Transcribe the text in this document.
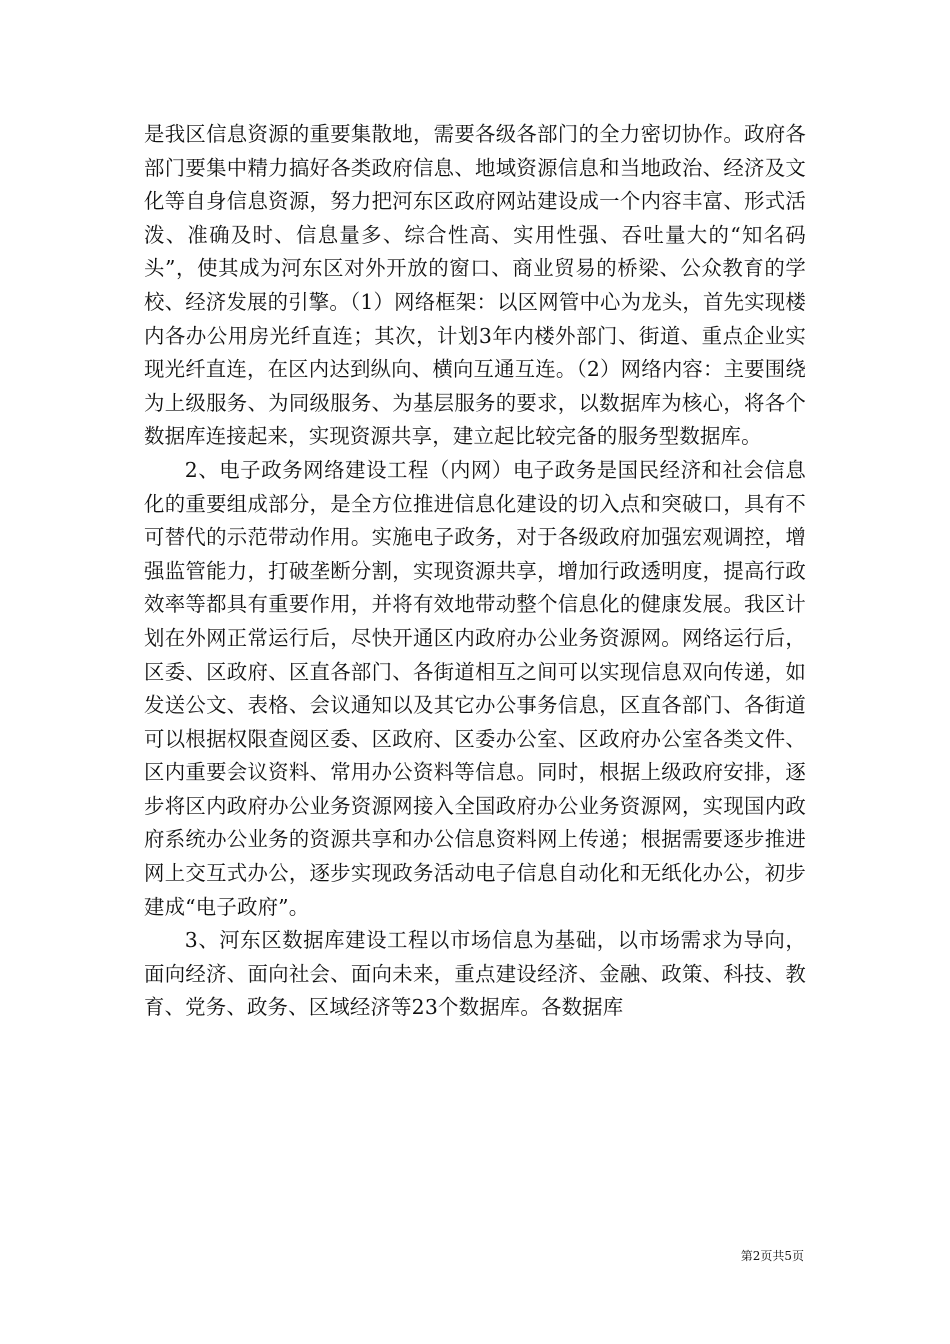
是我区信息资源的重要集散地，需要各级各部门的全力密切协作。政府各部门要集中精力搞好各类政府信息、地域资源信息和当地政治、经济及文化等自身信息资源，努力把河东区政府网站建设成一个内容丰富、形式活泼、准确及时、信息量多、综合性高、实用性强、吞吐量大的“知名码头”，使其成为河东区对外开放的窗口、商业贸易的桥梁、公众教育的学校、经济发展的引擎。（1）网络框架：以区网管中心为龙头，首先实现楼内各办公用房光纤直连；其次，计划3年内楼外部门、街道、重点企业实现光纤直连，在区内达到纵向、横向互通互连。（2）网络内容：主要围绕为上级服务、为同级服务、为基层服务的要求，以数据库为核心，将各个数据库连接起来，实现资源共享，建立起比较完备的服务型数据库。

2、电子政务网络建设工程（内网）电子政务是国民经济和社会信息化的重要组成部分，是全方位推进信息化建设的切入点和突破口，具有不可替代的示范带动作用。实施电子政务，对于各级政府加强宏观调控，增强监管能力，打破垄断分割，实现资源共享，增加行政透明度，提高行政效率等都具有重要作用，并将有效地带动整个信息化的健康发展。我区计划在外网正常运行后，尽快开通区内政府办公业务资源网。网络运行后，区委、区政府、区直各部门、各街道相互之间可以实现信息双向传递，如发送公文、表格、会议通知以及其它办公事务信息，区直各部门、各街道可以根据权限查阅区委、区政府、区委办公室、区政府办公室各类文件、区内重要会议资料、常用办公资料等信息。同时，根据上级政府安排，逐步将区内政府办公业务资源网接入全国政府办公业务资源网，实现国内政府系统办公业务的资源共享和办公信息资料网上传递；根据需要逐步推进网上交互式办公，逐步实现政务活动电子信息自动化和无纸化办公，初步建成“电子政府”。

3、河东区数据库建设工程以市场信息为基础，以市场需求为导向，面向经济、面向社会、面向未来，重点建设经济、金融、政策、科技、教育、党务、政务、区域经济等23个数据库。各数据库

第2页共5页
